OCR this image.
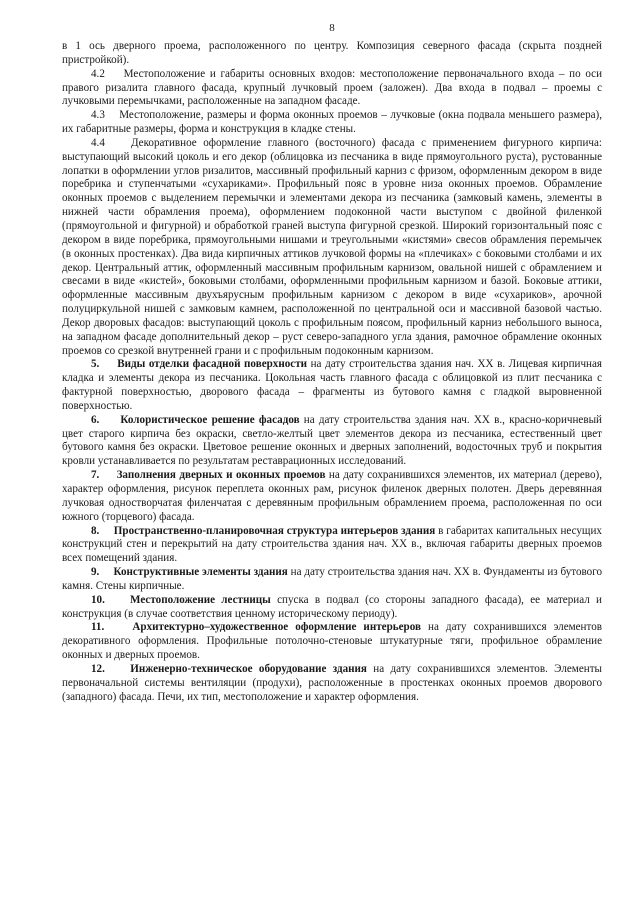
8

в 1 ось дверного проема, расположенного по центру. Композиция северного фасада (скрыта поздней пристройкой).

4.2 Местоположение и габариты основных входов: местоположение первоначального входа – по оси правого ризалита главного фасада, крупный лучковый проем (заложен). Два входа в подвал – проемы с лучковыми перемычками, расположенные на западном фасаде.

4.3 Местоположение, размеры и форма оконных проемов – лучковые (окна подвала меньшего размера), их габаритные размеры, форма и конструкция в кладке стены.

4.4 Декоративное оформление главного (восточного) фасада с применением фигурного кирпича: выступающий высокий цоколь и его декор (облицовка из песчаника в виде прямоугольного руста), рустованные лопатки в оформлении углов ризалитов, массивный профильный карниз с фризом, оформленным декором в виде поребрика и ступенчатыми «сухариками». Профильный пояс в уровне низа оконных проемов. Обрамление оконных проемов с выделением перемычки и элементами декора из песчаника (замковый камень, элементы в нижней части обрамления проема), оформлением подоконной части выступом с двойной филенкой (прямоугольной и фигурной) и обработкой граней выступа фигурной срезкой. Широкий горизонтальный пояс с декором в виде поребрика, прямоугольными нишами и треугольными «кистями» свесов обрамления перемычек (в оконных простенках). Два вида кирпичных аттиков лучковой формы на «плечиках» с боковыми столбами и их декор. Центральный аттик, оформленный массивным профильным карнизом, овальной нишей с обрамлением и свесами в виде «кистей», боковыми столбами, оформленными профильным карнизом и базой. Боковые аттики, оформленные массивным двухъярусным профильным карнизом с декором в виде «сухариков», арочной полуциркульной нишей с замковым камнем, расположенной по центральной оси и массивной базовой частью. Декор дворовых фасадов: выступающий цоколь с профильным поясом, профильный карниз небольшого выноса, на западном фасаде дополнительный декор – руст северо-западного угла здания, рамочное обрамление оконных проемов со срезкой внутренней грани и с профильным подоконным карнизом.

5. Виды отделки фасадной поверхности на дату строительства здания нач. XX в. Лицевая кирпичная кладка и элементы декора из песчаника. Цокольная часть главного фасада с облицовкой из плит песчаника с фактурной поверхностью, дворового фасада – фрагменты из бутового камня с гладкой выровненной поверхностью.

6. Колористическое решение фасадов на дату строительства здания нач. XX в., красно-коричневый цвет старого кирпича без окраски, светло-желтый цвет элементов декора из песчаника, естественный цвет бутового камня без окраски. Цветовое решение оконных и дверных заполнений, водосточных труб и покрытия кровли устанавливается по результатам реставрационных исследований.

7. Заполнения дверных и оконных проемов на дату сохранившихся элементов, их материал (дерево), характер оформления, рисунок переплета оконных рам, рисунок филенок дверных полотен. Дверь деревянная лучковая одностворчатая филенчатая с деревянным профильным обрамлением проема, расположенная по оси южного (торцевого) фасада.

8. Пространственно-планировочная структура интерьеров здания в габаритах капитальных несущих конструкций стен и перекрытий на дату строительства здания нач. XX в., включая габариты дверных проемов всех помещений здания.

9. Конструктивные элементы здания на дату строительства здания нач. XX в. Фундаменты из бутового камня. Стены кирпичные.

10. Местоположение лестницы спуска в подвал (со стороны западного фасада), ее материал и конструкция (в случае соответствия ценному историческому периоду).

11.	Архитектурно–художественное оформление интерьеров на дату сохранившихся элементов декоративного оформления. Профильные потолочно-стеновые штукатурные тяги, профильное обрамление оконных и дверных проемов.

12. Инженерно-техническое оборудование здания на дату сохранившихся элементов. Элементы первоначальной системы вентиляции (продухи), расположенные в простенках оконных проемов дворового (западного) фасада. Печи, их тип, местоположение и характер оформления.
